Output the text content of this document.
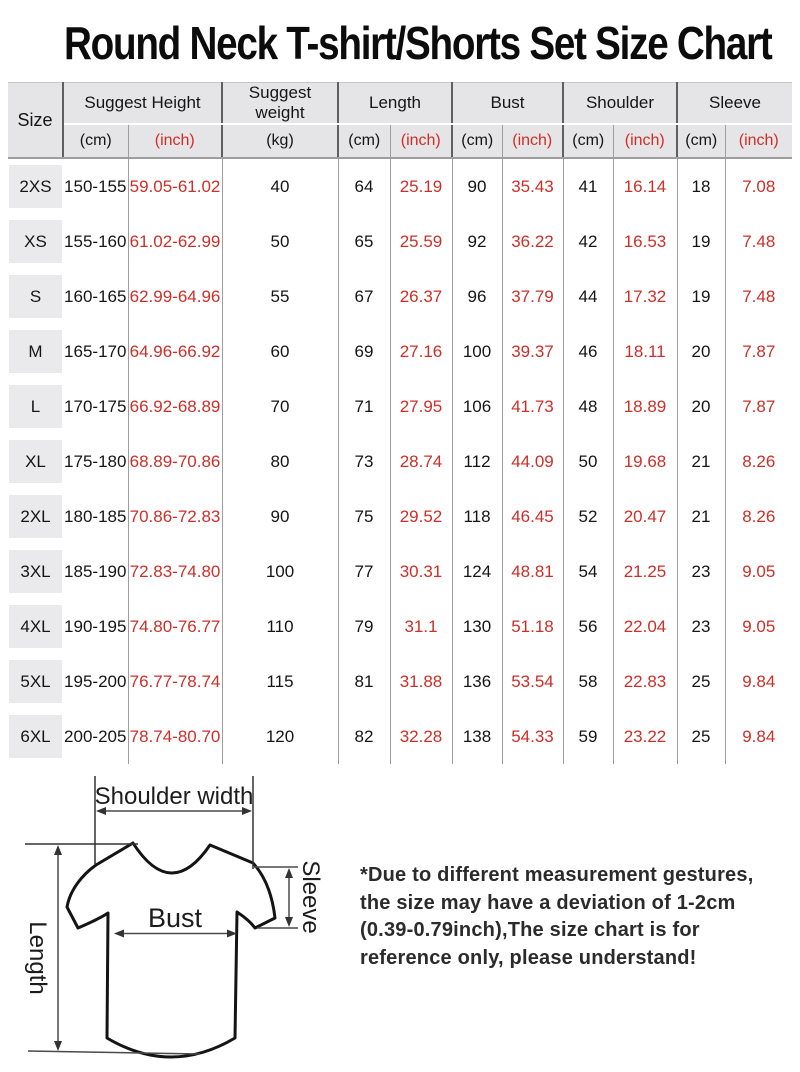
Round Neck T-shirt/Shorts Set Size Chart
Size	Suggest Height		Suggest weight	Length		Bust		Shoulder		Sleeve	
	(cm)	(inch)	(kg)	(cm)	(inch)	(cm)	(inch)	(cm)	(inch)	(cm)	(inch)

2XS	150-155	59.05-61.02	40	64	25.19	90	35.43	41	16.14	18	7.08

XS	155-160	61.02-62.99	50	65	25.59	92	36.22	42	16.53	19	7.48

S	160-165	62.99-64.96	55	67	26.37	96	37.79	44	17.32	19	7.48

M	165-170	64.96-66.92	60	69	27.16	100	39.37	46	18.11	20	7.87

L	170-175	66.92-68.89	70	71	27.95	106	41.73	48	18.89	20	7.87

XL	175-180	68.89-70.86	80	73	28.74	112	44.09	50	19.68	21	8.26

2XL	180-185	70.86-72.83	90	75	29.52	118	46.45	52	20.47	21	8.26

3XL	185-190	72.83-74.80	100	77	30.31	124	48.81	54	21.25	23	9.05

4XL	190-195	74.80-76.77	110	79	31.1	130	51.18	56	22.04	23	9.05

5XL	195-200	76.77-78.74	115	81	31.88	136	53.54	58	22.83	25	9.84

6XL	200-205	78.74-80.70	120	82	32.28	138	54.33	59	23.22	25	9.84
Shoulder width
Length
Bust	Sleeve *Due to different measurement gestures,
the size may have a deviation of 1-2cm
(0.39-0.79inch),The size chart is for
reference only, please understand!
